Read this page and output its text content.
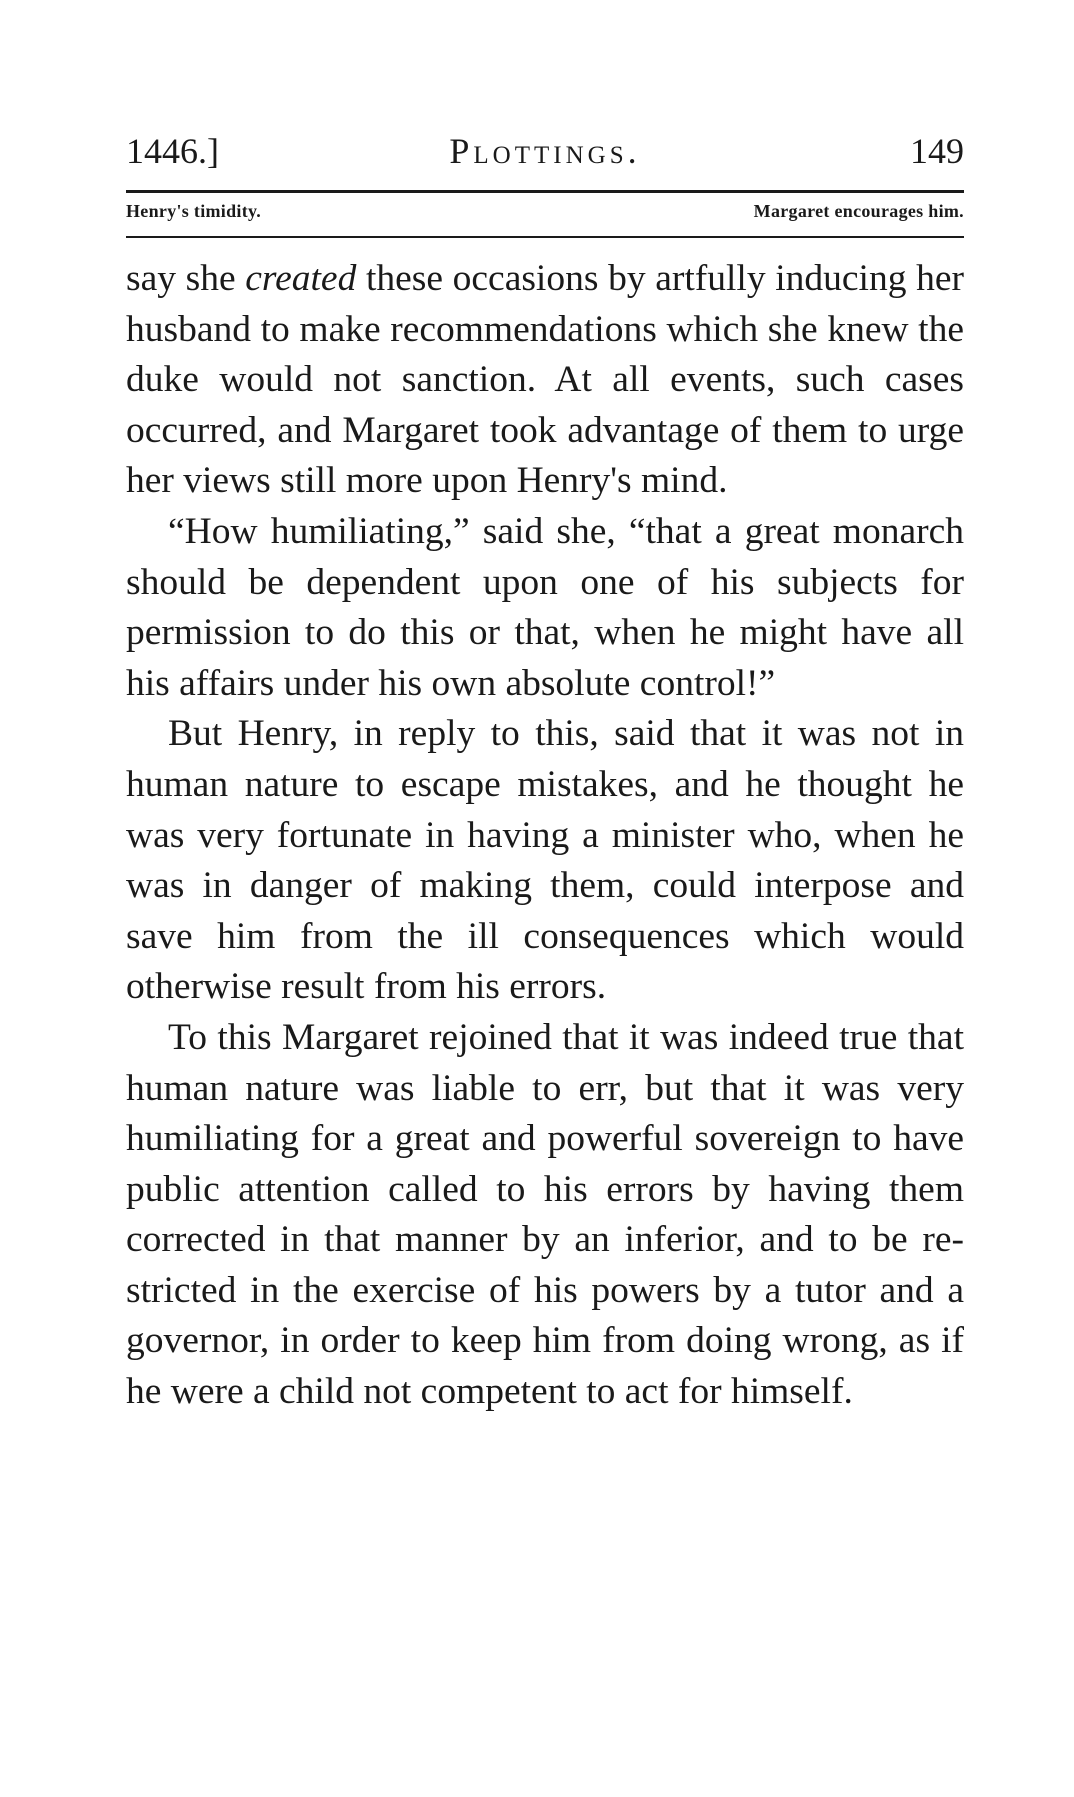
1446.]	Plottings.	149
Henry's timidity.	Margaret encourages him.

say she created these occasions by artfully inducing her husband to make recommendations which she knew the duke would not sanction. At all events, such cases occurred, and Margaret took advantage of them to urge her views still more upon Henry's mind.

“How humiliating,” said she, “that a great monarch should be dependent upon one of his subjects for permission to do this or that, when he might have all his affairs under his own absolute control!”

But Henry, in reply to this, said that it was not in human nature to escape mistakes, and he thought he was very fortunate in having a minister who, when he was in danger of making them, could interpose and save him from the ill consequences which would otherwise result from his errors.

To this Margaret rejoined that it was indeed true that human nature was liable to err, but that it was very humiliating for a great and powerful sovereign to have public attention called to his errors by having them corrected in that manner by an inferior, and to be restricted in the exercise of his powers by a tutor and a governor, in order to keep him from doing wrong, as if he were a child not competent to act for himself.
